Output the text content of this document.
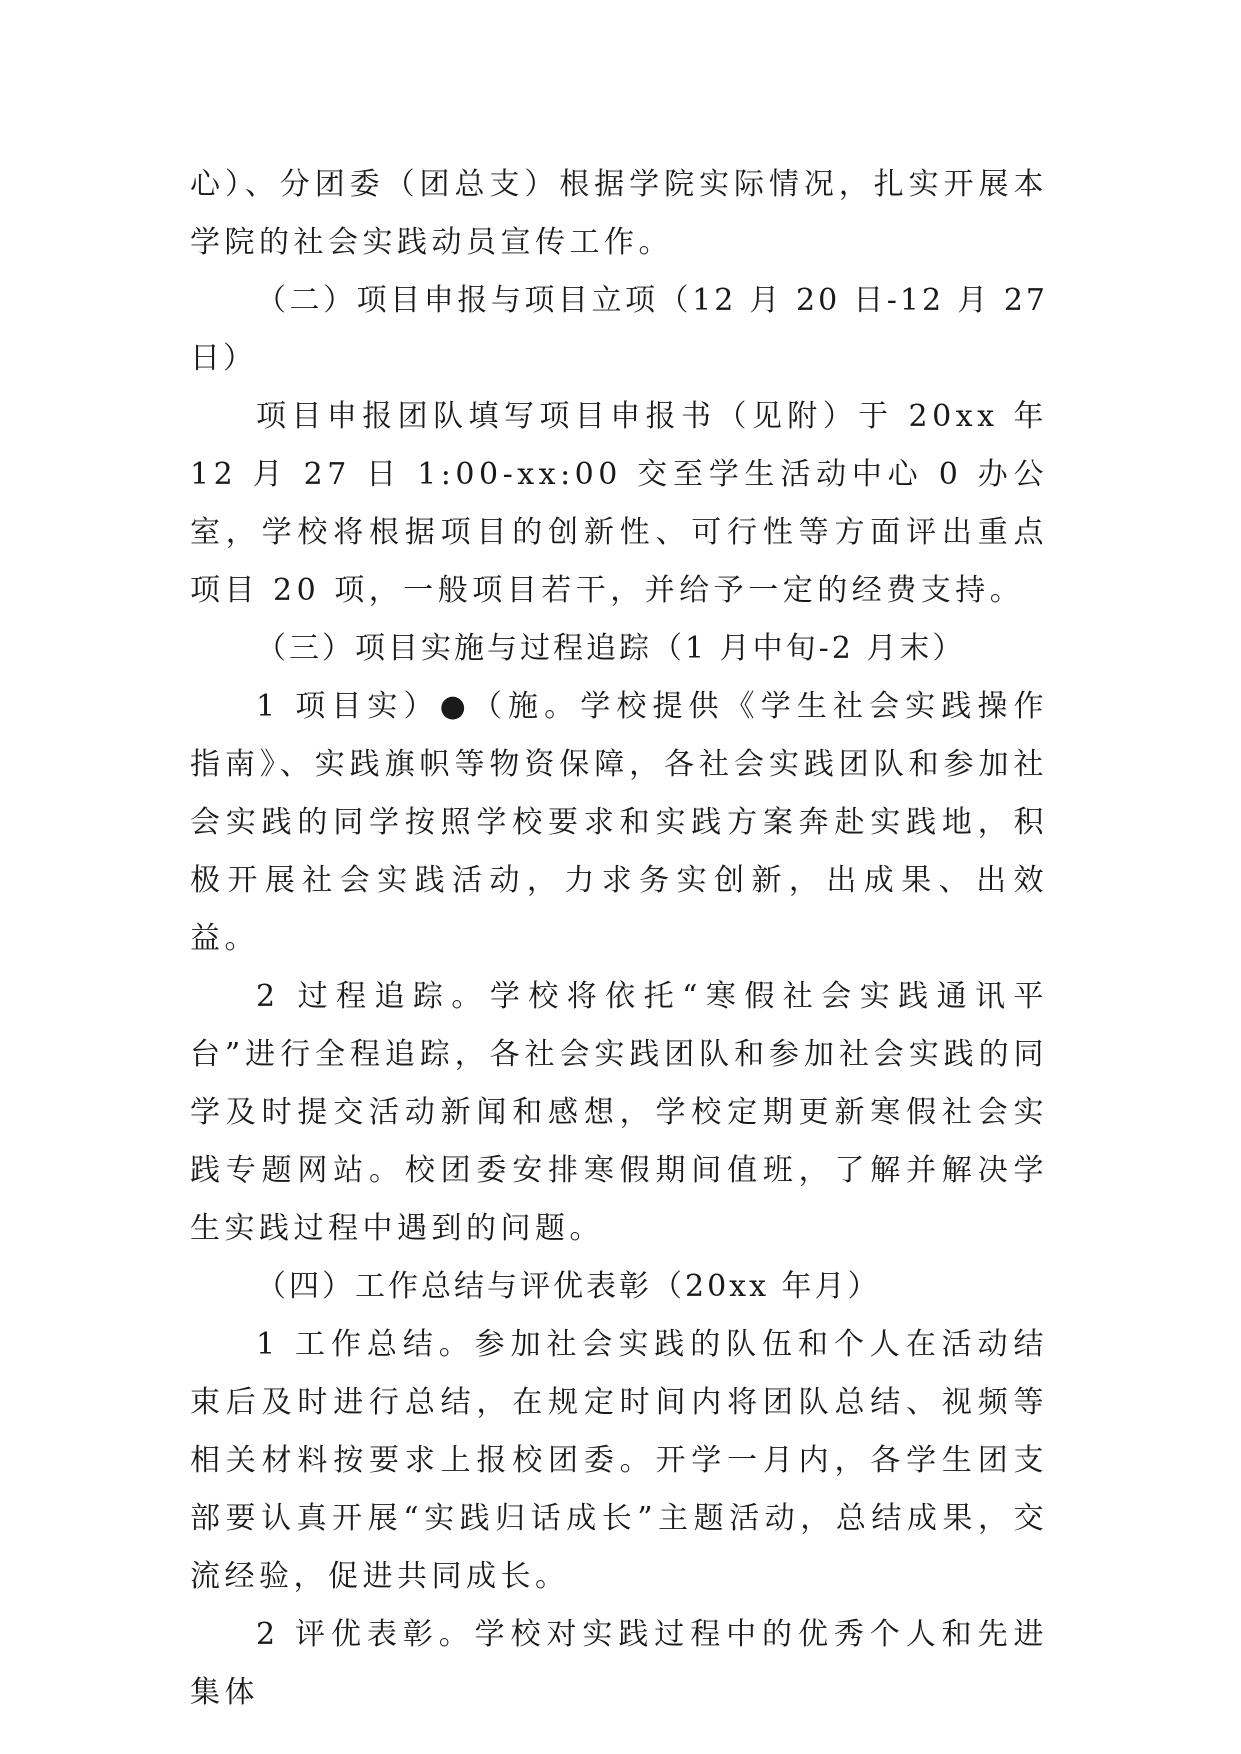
心）、分团委（团总支）根据学院实际情况，扎实开展本学院的社会实践动员宣传工作。

（二）项目申报与项目立项（12 月 20 日-12 月 27 日）

项目申报团队填写项目申报书（见附）于 20xx 年 12 月 27 日 1:00-xx:00 交至学生活动中心 0 办公室，学校将根据项目的创新性、可行性等方面评出重点项目 20 项，一般项目若干，并给予一定的经费支持。

（三）项目实施与过程追踪（1 月中旬-2 月末）

1 项目实）●（施。学校提供《学生社会实践操作指南》、实践旗帜等物资保障，各社会实践团队和参加社会实践的同学按照学校要求和实践方案奔赴实践地，积极开展社会实践活动，力求务实创新，出成果、出效益。

2 过程追踪。学校将依托“寒假社会实践通讯平台”进行全程追踪，各社会实践团队和参加社会实践的同学及时提交活动新闻和感想，学校定期更新寒假社会实践专题网站。校团委安排寒假期间值班，了解并解决学生实践过程中遇到的问题。

（四）工作总结与评优表彰（20xx 年月）

1 工作总结。参加社会实践的队伍和个人在活动结束后及时进行总结，在规定时间内将团队总结、视频等相关材料按要求上报校团委。开学一月内，各学生团支部要认真开展“实践归话成长”主题活动，总结成果，交流经验，促进共同成长。

2 评优表彰。学校对实践过程中的优秀个人和先进集体
